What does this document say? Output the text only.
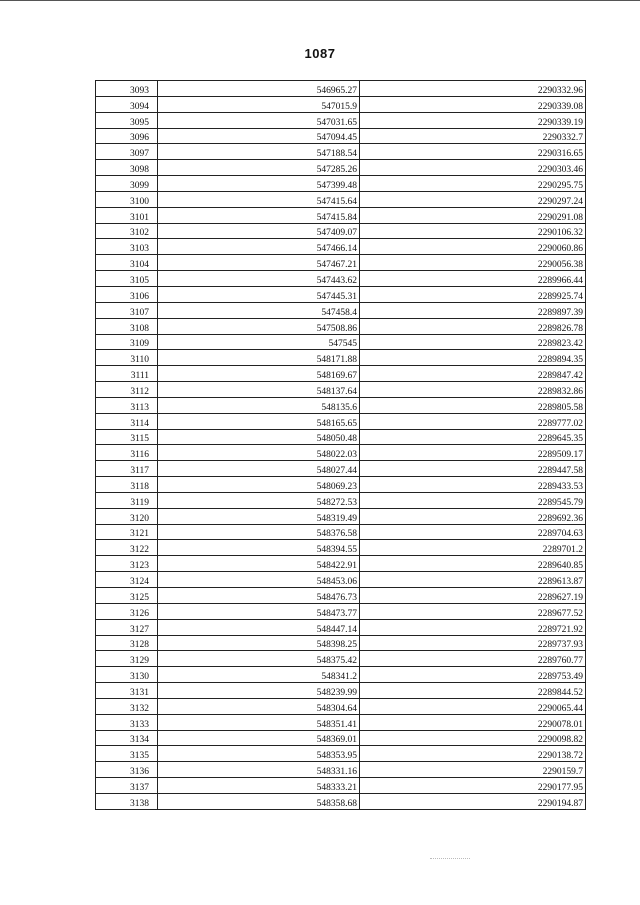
1087
3093	546965.27	2290332.96
3094	547015.9	2290339.08
3095	547031.65	2290339.19
3096	547094.45	2290332.7
3097	547188.54	2290316.65
3098	547285.26	2290303.46
3099	547399.48	2290295.75
3100	547415.64	2290297.24
3101	547415.84	2290291.08
3102	547409.07	2290106.32
3103	547466.14	2290060.86
3104	547467.21	2290056.38
3105	547443.62	2289966.44
3106	547445.31	2289925.74
3107	547458.4	2289897.39
3108	547508.86	2289826.78
3109	547545	2289823.42
3110	548171.88	2289894.35
3111	548169.67	2289847.42
3112	548137.64	2289832.86
3113	548135.6	2289805.58
3114	548165.65	2289777.02
3115	548050.48	2289645.35
3116	548022.03	2289509.17
3117	548027.44	2289447.58
3118	548069.23	2289433.53
3119	548272.53	2289545.79
3120	548319.49	2289692.36
3121	548376.58	2289704.63
3122	548394.55	2289701.2
3123	548422.91	2289640.85
3124	548453.06	2289613.87
3125	548476.73	2289627.19
3126	548473.77	2289677.52
3127	548447.14	2289721.92
3128	548398.25	2289737.93
3129	548375.42	2289760.77
3130	548341.2	2289753.49
3131	548239.99	2289844.52
3132	548304.64	2290065.44
3133	548351.41	2290078.01
3134	548369.01	2290098.82
3135	548353.95	2290138.72
3136	548331.16	2290159.7
3137	548333.21	2290177.95
3138	548358.68	2290194.87
